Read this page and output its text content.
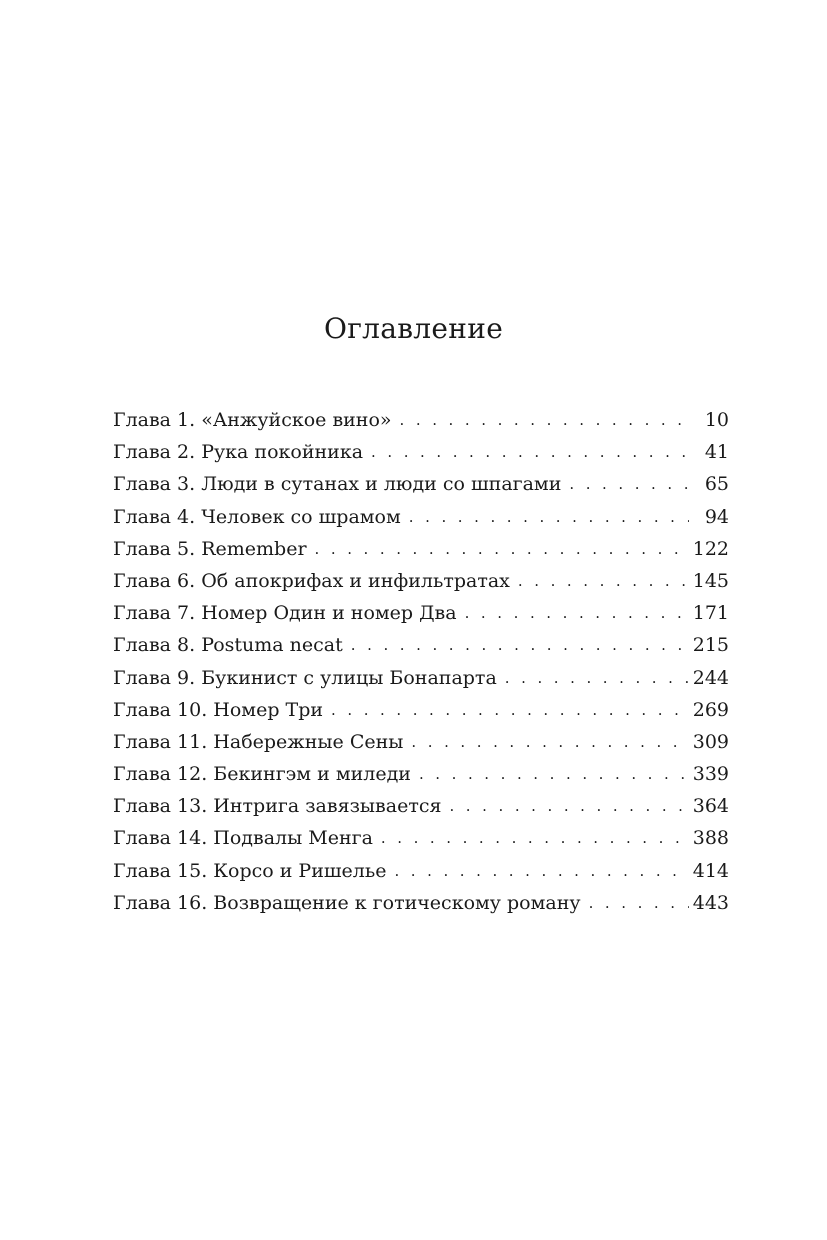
Оглавление
Глава 1. «Анжуйское вино» . . .	10
Глава 2. Рука покойника . . .	41
Глава 3. Люди в сутанах и люди со шпагами . . .	65
Глава 4. Человек со шрамом . . .	94
Глава 5. Remember . . .	122
Глава 6. Об апокрифах и инфильтратах . . .	145
Глава 7. Номер Один и номер Два . . .	171
Глава 8. Postuma necat . . .	215
Глава 9. Букинист с улицы Бонапарта . . .	244
Глава 10. Номер Три . . .	269
Глава 11. Набережные Сены . . .	309
Глава 12. Бекингэм и миледи . . .	339
Глава 13. Интрига завязывается . . .	364
Глава 14. Подвалы Менга . . .	388
Глава 15. Корсо и Ришелье . . .	414
Глава 16. Возвращение к готическому роману . . .	443
